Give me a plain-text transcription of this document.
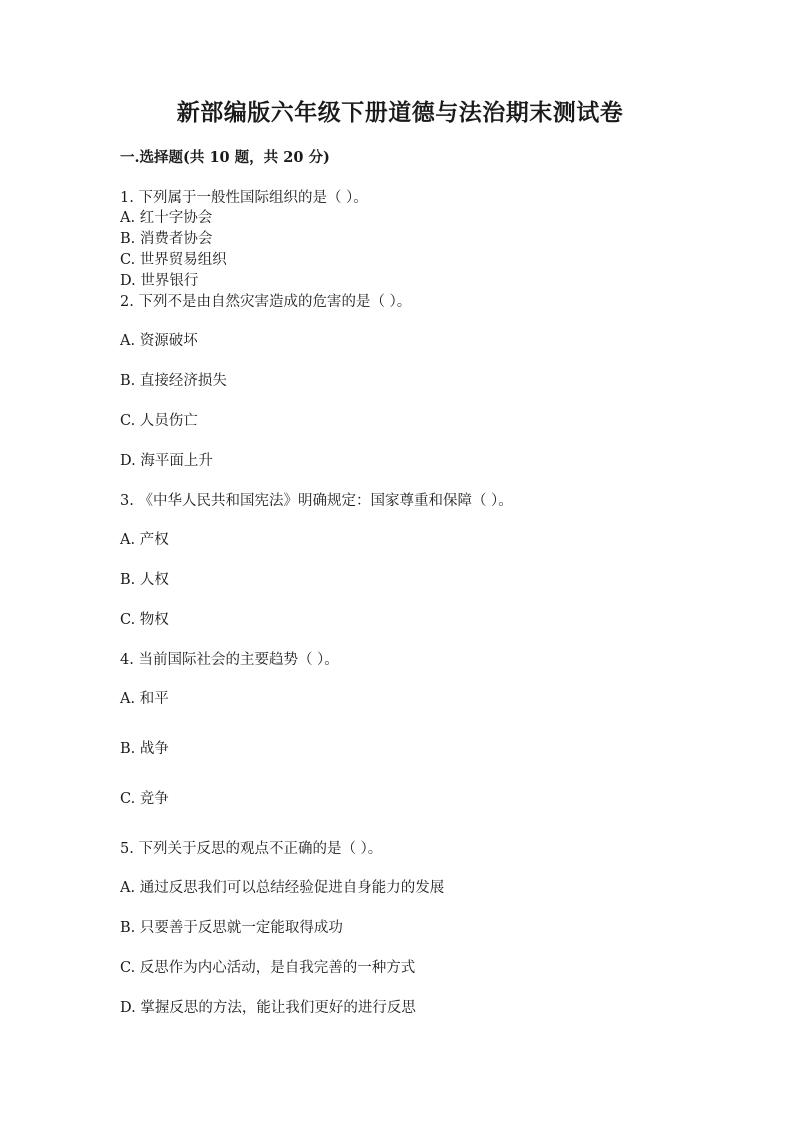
新部编版六年级下册道德与法治期末测试卷
一.选择题(共 10 题，共 20 分)
1. 下列属于一般性国际组织的是（ ）。
A. 红十字协会
B. 消费者协会
C. 世界贸易组织
D. 世界银行
2. 下列不是由自然灾害造成的危害的是（ ）。
A. 资源破坏
B. 直接经济损失
C. 人员伤亡
D. 海平面上升
3. 《中华人民共和国宪法》明确规定：国家尊重和保障（ ）。
A. 产权
B. 人权
C. 物权
4. 当前国际社会的主要趋势（ ）。
A. 和平
B. 战争
C. 竞争
5. 下列关于反思的观点不正确的是（ ）。
A. 通过反思我们可以总结经验促进自身能力的发展
B. 只要善于反思就一定能取得成功
C. 反思作为内心活动，是自我完善的一种方式
D. 掌握反思的方法，能让我们更好的进行反思
